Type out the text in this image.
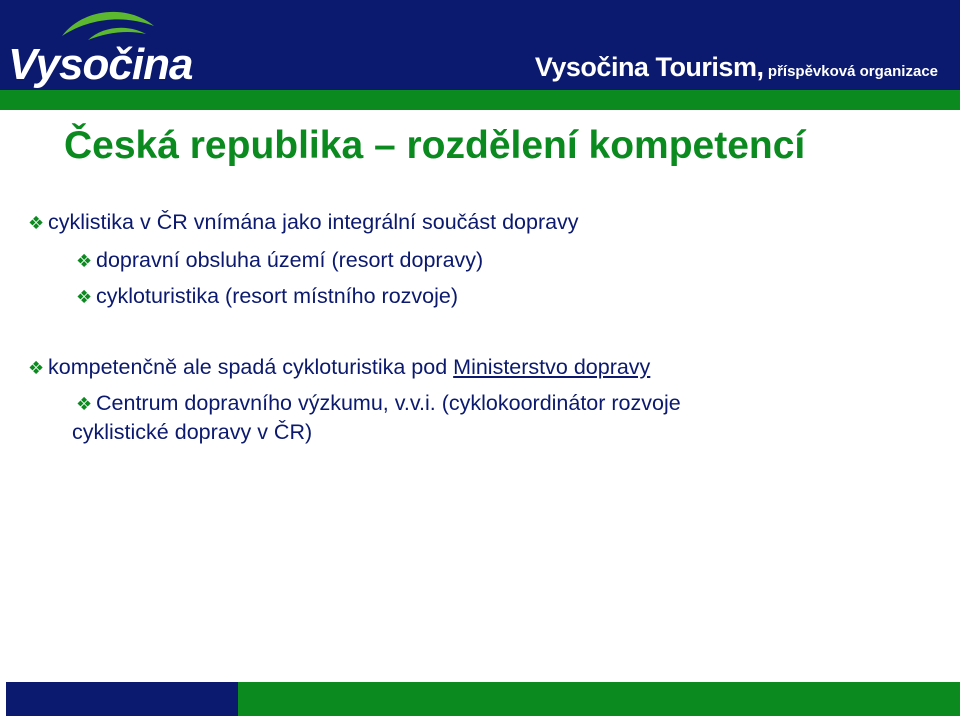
Vysočina	Vysočina Tourism, příspěvková organizace
Česká republika – rozdělení kompetencí
❖ cyklistika v ČR vnímána jako integrální součást dopravy
❖ dopravní obsluha území (resort dopravy)
❖ cykloturistika (resort místního rozvoje)
❖ kompetenčně ale spadá cykloturistika pod Ministerstvo dopravy
❖ Centrum dopravního výzkumu, v.v.i. (cyklokoordinátor rozvoje
cyklistické dopravy v ČR)
